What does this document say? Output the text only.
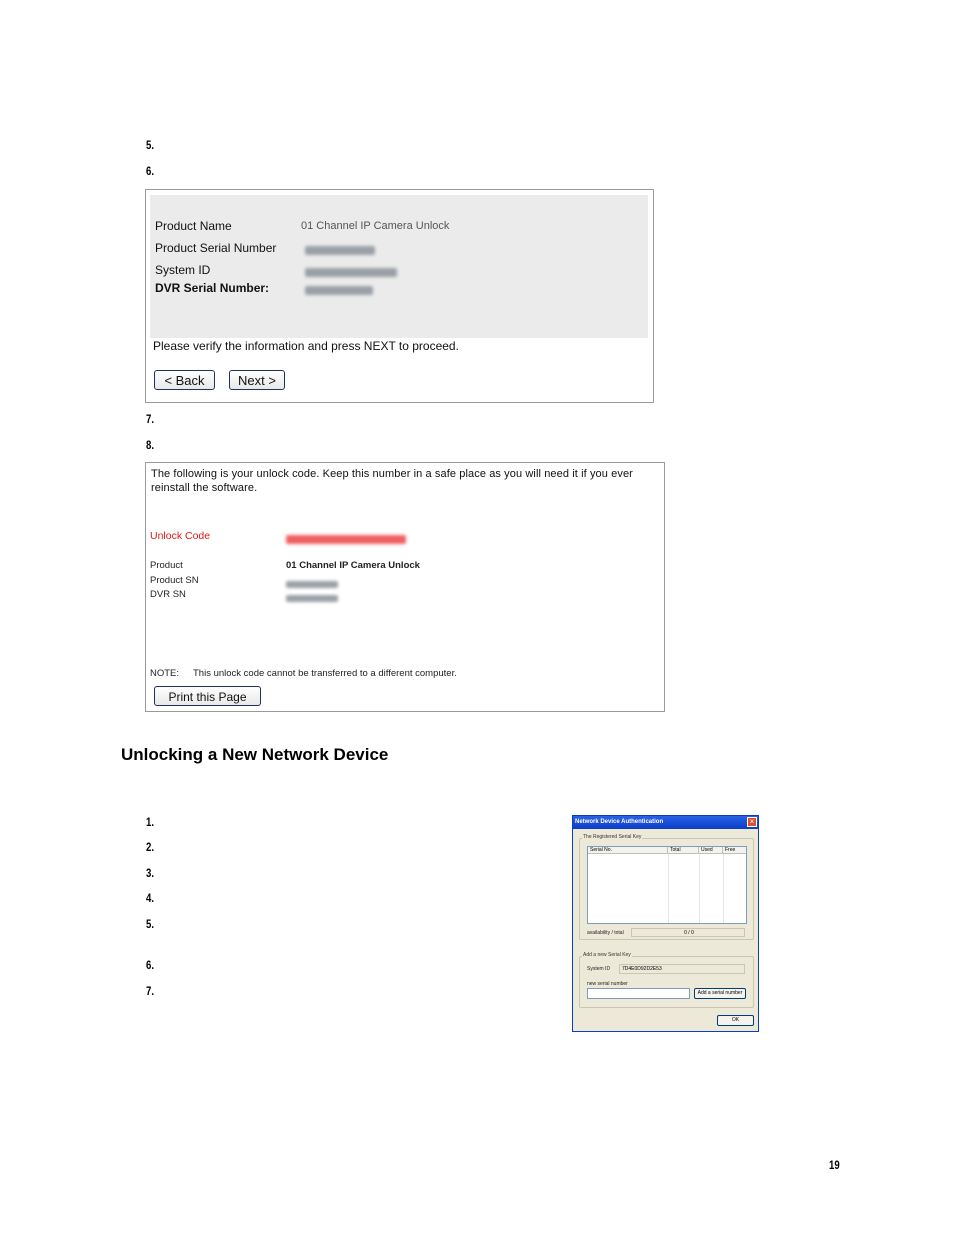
5.
6.
Product Name	01 Channel IP Camera Unlock
Product Serial Number
System ID
DVR Serial Number:
Please verify the information and press NEXT to proceed.
< Back	Next >
7.
8.
The following is your unlock code. Keep this number in a safe place as you will need it if you ever reinstall the software.
Unlock Code
Product	01 Channel IP Camera Unlock
Product SN
DVR SN
NOTE: This unlock code cannot be transferred to a different computer.
Print this Page
Unlocking a New Network Device
1.
2.
3.
4.
5.
6.
7.
Network Device Authentication	×
The Registered Serial Key
Serial No.	Total	Used	Free
availability / total	0 / 0
Add a new Serial Key
System ID	7D4E0D92D2E53
new serial number
Add a serial number
OK
19
